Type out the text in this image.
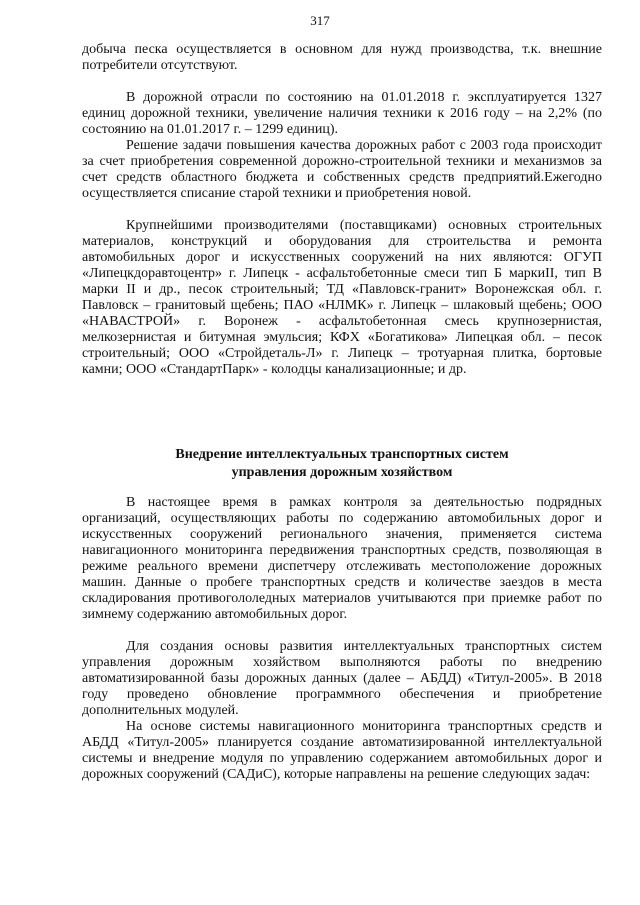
317

добыча песка осуществляется в основном для нужд производства, т.к. внешние потребители отсутствуют.

В дорожной отрасли по состоянию на 01.01.2018 г. эксплуатируется 1327 единиц дорожной техники, увеличение наличия техники к 2016 году – на 2,2% (по состоянию на 01.01.2017 г. – 1299 единиц).

Решение задачи повышения качества дорожных работ с 2003 года происходит за счет приобретения современной дорожно-строительной техники и механизмов за счет средств областного бюджета и собственных средств предприятий.Ежегодно осуществляется списание старой техники и приобретения новой.

Крупнейшими производителями (поставщиками) основных строительных материалов, конструкций и оборудования для строительства и ремонта автомобильных дорог и искусственных сооружений на них являются: ОГУП «Липецкдоравтоцентр» г. Липецк - асфальтобетонные смеси тип Б маркиII, тип В марки II и др., песок строительный; ТД «Павловск-гранит» Воронежская обл. г. Павловск – гранитовый щебень; ПАО «НЛМК» г. Липецк – шлаковый щебень; ООО «НАВАСТРОЙ» г. Воронеж - асфальтобетонная смесь крупнозернистая, мелкозернистая и битумная эмульсия; КФХ «Богатикова» Липецкая обл. – песок строительный; ООО «Стройдеталь-Л» г. Липецк – тротуарная плитка, бортовые камни; ООО «СтандартПарк» - колодцы канализационные; и др.

Внедрение интеллектуальных транспортных систем
управления дорожным хозяйством

В настоящее время в рамках контроля за деятельностью подрядных организаций, осуществляющих работы по содержанию автомобильных дорог и искусственных сооружений регионального значения, применяется система навигационного мониторинга передвижения транспортных средств, позволяющая в режиме реального времени диспетчеру отслеживать местоположение дорожных машин. Данные о пробеге транспортных средств и количестве заездов в места складирования противогололедных материалов учитываются при приемке работ по зимнему содержанию автомобильных дорог.

Для создания основы развития интеллектуальных транспортных систем управления дорожным хозяйством выполняются работы по внедрению автоматизированной базы дорожных данных (далее – АБДД) «Титул-2005». В 2018 году проведено обновление программного обеспечения и приобретение дополнительных модулей.

На основе системы навигационного мониторинга транспортных средств и АБДД «Титул-2005» планируется создание автоматизированной интеллектуальной системы и внедрение модуля по управлению содержанием автомобильных дорог и дорожных сооружений (САДиС), которые направлены на решение следующих задач:
